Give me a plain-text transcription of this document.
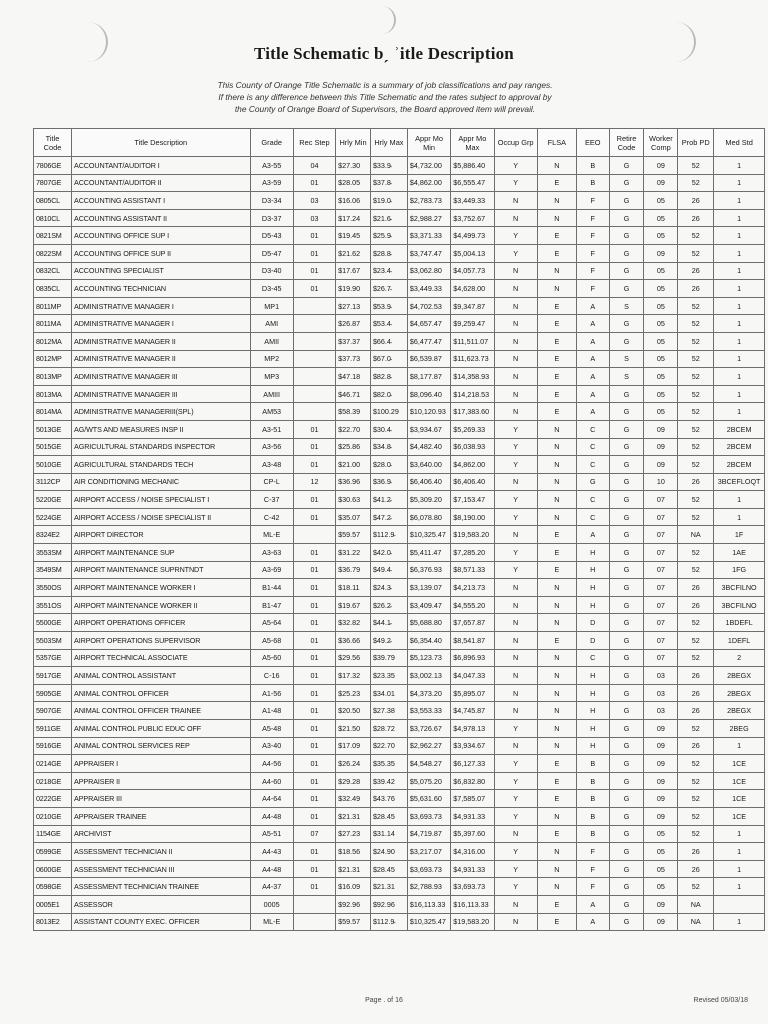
Title Schematic bˏ ʾitle Description
This County of Orange Title Schematic is a summary of job classifications and pay ranges.
If there is any difference between this Title Schematic and the rates subject to approval by
the County of Orange Board of Supervisors, the Board approved item will prevail.
Title Code	Title Description	Grade	Rec Step	Hrly Min	Hrly Max	Appr Mo Min	Appr Mo Max	Occup Grp	FLSA	EEO	Retire Code	Worker Comp	Prob PD	Med Std
7806GE	ACCOUNTANT/AUDITOR I	A3-55	04	$27.30	$33.9̵	$4,732.00	$5,886.40	Y	N	B	G	09	52	1
7807GE	ACCOUNTANT/AUDITOR II	A3-59	01	$28.05	$37.8̵	$4,862.00	$6,555.47	Y	E	B	G	09	52	1
0805CL	ACCOUNTING ASSISTANT I	D3-34	03	$16.06	$19.0̵	$2,783.73	$3,449.33	N	N	F	G	05	26	1
0810CL	ACCOUNTING ASSISTANT II	D3-37	03	$17.24	$21.6̵	$2,988.27	$3,752.67	N	N	F	G	05	26	1
0821SM	ACCOUNTING OFFICE SUP I	D5-43	01	$19.45	$25.9̵	$3,371.33	$4,499.73	Y	E	F	G	05	52	1
0822SM	ACCOUNTING OFFICE SUP II	D5-47	01	$21.62	$28.8̵	$3,747.47	$5,004.13	Y	E	F	G	09	52	1
0832CL	ACCOUNTING SPECIALIST	D3-40	01	$17.67	$23.4̵	$3,062.80	$4,057.73	N	N	F	G	05	26	1
0835CL	ACCOUNTING TECHNICIAN	D3-45	01	$19.90	$26.7̵	$3,449.33	$4,628.00	N	N	F	G	05	26	1
8011MP	ADMINISTRATIVE MANAGER I	MP1		$27.13	$53.9̵	$4,702.53	$9,347.87	N	E	A	S	05	52	1
8011MA	ADMINISTRATIVE MANAGER I	AMI		$26.87	$53.4̵	$4,657.47	$9,259.47	N	E	A	G	05	52	1
8012MA	ADMINISTRATIVE MANAGER II	AMII		$37.37	$66.4̵	$6,477.47	$11,511.07	N	E	A	G	05	52	1
8012MP	ADMINISTRATIVE MANAGER II	MP2		$37.73	$67.0̵	$6,539.87	$11,623.73	N	E	A	S	05	52	1
8013MP	ADMINISTRATIVE MANAGER III	MP3		$47.18	$82.8̵	$8,177.87	$14,358.93	N	E	A	S	05	52	1
8013MA	ADMINISTRATIVE MANAGER III	AMIII		$46.71	$82.0̵	$8,096.40	$14,218.53	N	E	A	G	05	52	1
8014MA	ADMINISTRATIVE MANAGERIII(SPL)	AM53		$58.39	$100.29	$10,120.93	$17,383.60	N	E	A	G	05	52	1
5013GE	AG/WTS AND MEASURES INSP II	A3-51	01	$22.70	$30.4̵	$3,934.67	$5,269.33	Y	N	C	G	09	52	2BCEM
5015GE	AGRICULTURAL STANDARDS INSPECTOR	A3-56	01	$25.86	$34.8̵	$4,482.40	$6,038.93	Y	N	C	G	09	52	2BCEM
5010GE	AGRICULTURAL STANDARDS TECH	A3-48	01	$21.00	$28.0̵	$3,640.00	$4,862.00	Y	N	C	G	09	52	2BCEM
3112CP	AIR CONDITIONING MECHANIC	CP-L	12	$36.96	$36.9̵	$6,406.40	$6,406.40	N	N	G	G	10	26	3BCEFLOQT
5220GE	AIRPORT ACCESS / NOISE SPECIALIST I	C-37	01	$30.63	$41.2̵	$5,309.20	$7,153.47	Y	N	C	G	07	52	1
5224GE	AIRPORT ACCESS / NOISE SPECIALIST II	C-42	01	$35.07	$47.2̵	$6,078.80	$8,190.00	Y	N	C	G	07	52	1
8324E2	AIRPORT DIRECTOR	ML-E		$59.57	$112.9̵	$10,325.47	$19,583.20	N	E	A	G	07	NA	1F
3553SM	AIRPORT MAINTENANCE SUP	A3-63	01	$31.22	$42.0̵	$5,411.47	$7,285.20	Y	E	H	G	07	52	1AE
3549SM	AIRPORT MAINTENANCE SUPRNTNDT	A3-69	01	$36.79	$49.4̵	$6,376.93	$8,571.33	Y	E	H	G	07	52	1FG
3550OS	AIRPORT MAINTENANCE WORKER I	B1-44	01	$18.11	$24.3̵	$3,139.07	$4,213.73	N	N	H	G	07	26	3BCFILNO
3551OS	AIRPORT MAINTENANCE WORKER II	B1-47	01	$19.67	$26.2̵	$3,409.47	$4,555.20	N	N	H	G	07	26	3BCFILNO
5500GE	AIRPORT OPERATIONS OFFICER	A5-64	01	$32.82	$44.1̵	$5,688.80	$7,657.87	N	N	D	G	07	52	1BDEFL
5503SM	AIRPORT OPERATIONS SUPERVISOR	A5-68	01	$36.66	$49.2̵	$6,354.40	$8,541.87	N	E	D	G	07	52	1DEFL
5357GE	AIRPORT TECHNICAL ASSOCIATE	A5-60	01	$29.56	$39.79	$5,123.73	$6,896.93	N	N	C	G	07	52	2
5917GE	ANIMAL CONTROL ASSISTANT	C-16	01	$17.32	$23.35	$3,002.13	$4,047.33	N	N	H	G	03	26	2BEGX
5905GE	ANIMAL CONTROL OFFICER	A1-56	01	$25.23	$34.01	$4,373.20	$5,895.07	N	N	H	G	03	26	2BEGX
5907GE	ANIMAL CONTROL OFFICER TRAINEE	A1-48	01	$20.50	$27.38	$3,553.33	$4,745.87	N	N	H	G	03	26	2BEGX
5911GE	ANIMAL CONTROL PUBLIC EDUC OFF	A5-48	01	$21.50	$28.72	$3,726.67	$4,978.13	Y	N	H	G	09	52	2BEG
5916GE	ANIMAL CONTROL SERVICES REP	A3-40	01	$17.09	$22.70	$2,962.27	$3,934.67	N	N	H	G	09	26	1
0214GE	APPRAISER I	A4-56	01	$26.24	$35.35	$4,548.27	$6,127.33	Y	E	B	G	09	52	1CE
0218GE	APPRAISER II	A4-60	01	$29.28	$39.42	$5,075.20	$6,832.80	Y	E	B	G	09	52	1CE
0222GE	APPRAISER III	A4-64	01	$32.49	$43.76	$5,631.60	$7,585.07	Y	E	B	G	09	52	1CE
0210GE	APPRAISER TRAINEE	A4-48	01	$21.31	$28.45	$3,693.73	$4,931.33	Y	N	B	G	09	52	1CE
1154GE	ARCHIVIST	A5-51	07	$27.23	$31.14	$4,719.87	$5,397.60	N	E	B	G	05	52	1
0599GE	ASSESSMENT TECHNICIAN II	A4-43	01	$18.56	$24.90	$3,217.07	$4,316.00	Y	N	F	G	05	26	1
0600GE	ASSESSMENT TECHNICIAN III	A4-48	01	$21.31	$28.45	$3,693.73	$4,931.33	Y	N	F	G	05	26	1
0598GE	ASSESSMENT TECHNICIAN TRAINEE	A4-37	01	$16.09	$21.31	$2,788.93	$3,693.73	Y	N	F	G	05	52	1
0005E1	ASSESSOR	0005		$92.96	$92.96	$16,113.33	$16,113.33	N	E	A	G	09	NA	
8013E2	ASSISTANT COUNTY EXEC. OFFICER	ML-E		$59.57	$112.9̵	$10,325.47	$19,583.20	N	E	A	G	09	NA	1
Page . of 16	Revised 05/03/18
